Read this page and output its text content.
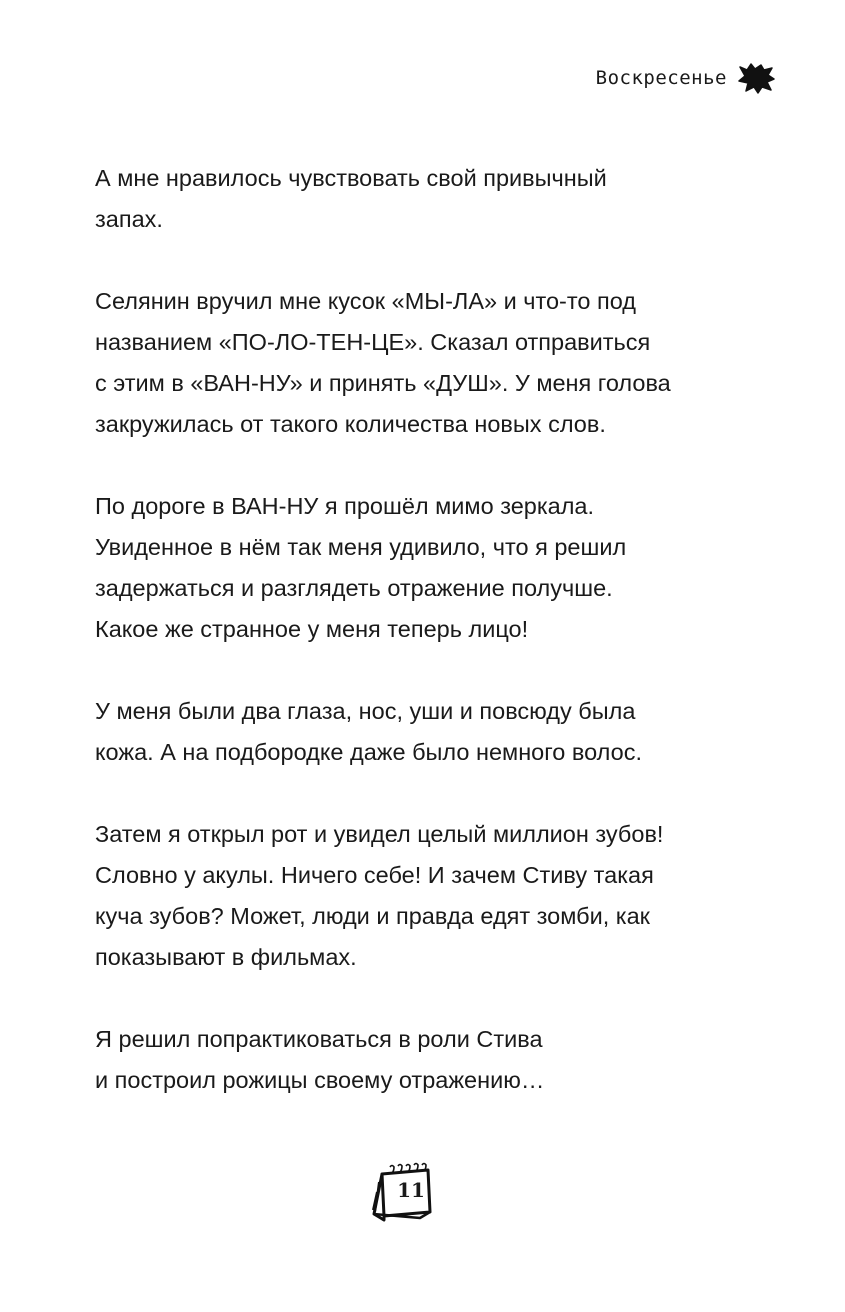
Воскресенье

А мне нравилось чувствовать свой привычный
запах.

Селянин вручил мне кусок «МЫ-ЛА» и что-то под
названием «ПО-ЛО-ТЕН-ЦЕ». Сказал отправиться
с этим в «ВАН-НУ» и принять «ДУШ». У меня голова
закружилась от такого количества новых слов.

По дороге в ВАН-НУ я прошёл мимо зеркала.
Увиденное в нём так меня удивило, что я решил
задержаться и разглядеть отражение получше.
Какое же странное у меня теперь лицо!

У меня были два глаза, нос, уши и повсюду была
кожа. А на подбородке даже было немного волос.

Затем я открыл рот и увидел целый миллион зубов!
Словно у акулы. Ничего себе! И зачем Стиву такая
куча зубов? Может, люди и правда едят зомби, как
показывают в фильмах.

Я решил попрактиковаться в роли Стива
и построил рожицы своему отражению…

11
